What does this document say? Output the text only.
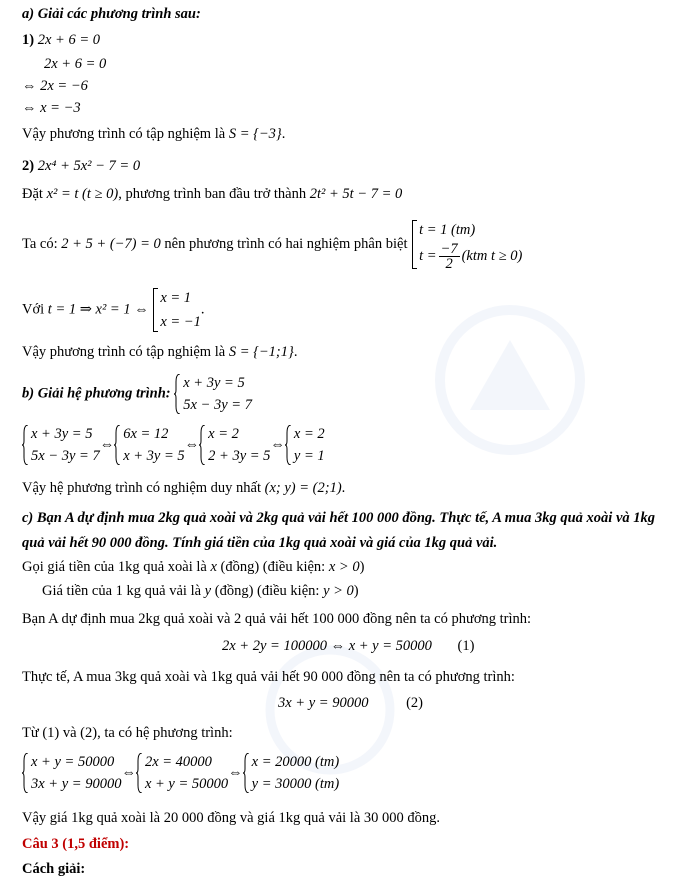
a) Giải các phương trình sau:
1) 2x + 6 = 0
2x + 6 = 0
⇔ 2x = −6
⇔ x = −3
Vậy phương trình có tập nghiệm là S = {−3}.
2) 2x⁴ + 5x² − 7 = 0
Đặt x² = t (t ≥ 0), phương trình ban đầu trở thành 2t² + 5t − 7 = 0
Ta có: 2 + 5 + (−7) = 0 nên phương trình có hai nghiệm phân biệt
t = 1 (tm)
$t = \frac{-7}{2} (ktm$ t ≥ 0)
Với t = 1 ⇒ x² = 1 ⇔
x = 1
x = −1
.
Vậy phương trình có tập nghiệm là S = {−1;1}.
b) Giải hệ phương trình:
x + 3y = 5
5x − 3y = 7
x + 3y = 5
5x − 3y = 7
⇔
6x = 12
x + 3y = 5
⇔
x = 2
2 + 3y = 5
⇔
x = 2
y = 1
Vậy hệ phương trình có nghiệm duy nhất (x; y) = (2;1).
c) Bạn A dự định mua 2kg quả xoài và 2kg quả vải hết 100 000 đồng. Thực tế, A mua 3kg quả xoài và 1kg
quả vải hết 90 000 đồng. Tính giá tiền của 1kg quả xoài và giá của 1kg quả vải.
Gọi giá tiền của 1kg quả xoài là x (đồng) (điều kiện: x > 0)
Giá tiền của 1 kg quả vải là y (đồng) (điều kiện: y > 0)
Bạn A dự định mua 2kg quả xoài và 2 quả vải hết 100 000 đồng nên ta có phương trình:
2x + 2y = 100000 ⇔ x + y = 50000 (1)
Thực tế, A mua 3kg quả xoài và 1kg quả vải hết 90 000 đồng nên ta có phương trình:
3x + y = 90000	(2)
Từ (1) và (2), ta có hệ phương trình:
x + y = 50000
3x + y = 90000
⇔
2x = 40000
x + y = 50000
⇔
x = 20000 (tm)
y = 30000 (tm)
Vậy giá 1kg quả xoài là 20 000 đồng và giá 1kg quả vải là 30 000 đồng.
Câu 3 (1,5 điểm):
Cách giải:
